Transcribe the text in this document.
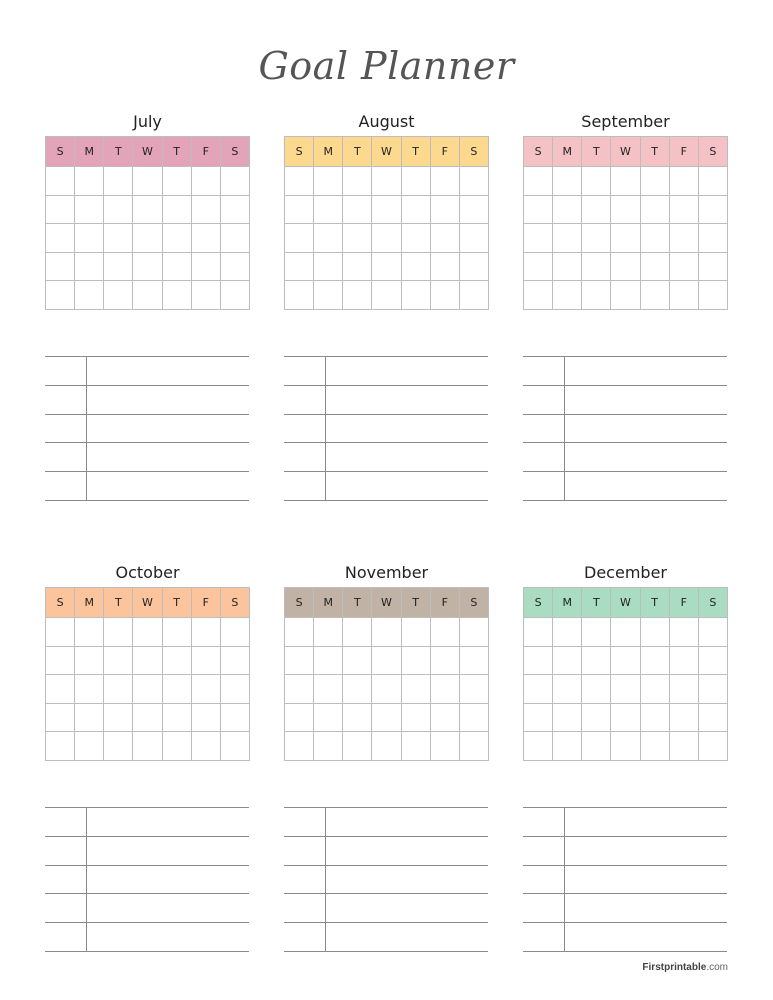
Goal Planner
July
S	M	T	W	T	F	S

August
S	M	T	W	T	F	S

September
S	M	T	W	T	F	S

October
S	M	T	W	T	F	S

November
S	M	T	W	T	F	S

December
S	M	T	W	T	F	S

Firstprintable.com
